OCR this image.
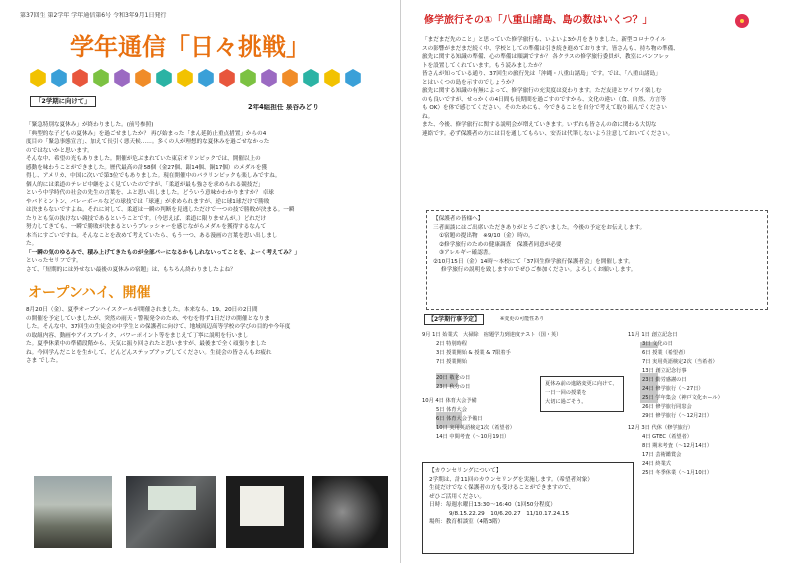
第37回生 第2学年 学年通信第6号 令和3年9月1日発行
学年通信「日々挑戦」
「2学期に向けて」
2年4組担任 泉谷みどり

「緊急特別な夏休み」が終わりました。(前号参照)

「典型的な子どもの夏休み」を過ごせましたか？ 再び始まった「まん延防止重点措置」からの4

度目の「緊急事態宣言」、加えて長引く悪天候……。多くの人が理想的な夏休みを過ごせなかった

のではないかと思います。

そんな中、希望の光もありました。開催が危ぶまれていた東京オリンピックでは、開催以上の

感動を味わうことができました。歴代最高の計58個（金27個、銀14個、銅17個）のメダルを獲

得し、アメリカ、中国に次いで第3位でもありました。現在開催中のパラリンピックも楽しみですね。

個人的には柔道のテレビ中継をよく見ていたのですが、「柔道が最も強さを求められる競技だ」

という中学時代の社会の先生の言葉を、ふと思い出しました。どういう意味かわかりますか？ 卓球

やバドミントン、バレーボールなどの球技では「球速」が求められますが、逆に球1球だけで勝敗

は決まらないですよね。それに対して、柔道は一瞬の判断を見逃しただけで一つの技で勝敗が決まる。一瞬

たりとも気の抜けない競技であるということです。（今思えば、柔道に限りませんが。）どれだけ

努力してきても、一瞬で勝敗が決まるというプレッシャーを感じながらメダルを獲得するなんて

本当にすごいですね。そんなことを改めて考えていたら、もう一つ、ある漫画の言葉を思い出しまし

た。

「一瞬の気のゆるみで、積み上げてきたものが全部パーになるかもしれないってことを、よーく考えてみ？」

といったセリフです。

さて、「短期的には外せない最後の夏休みの宿題」は、もちろん終わりましたよね？

オープンハイ、開催

8月20日（金）、夏季オープンハイスクールが開催されました。本来なら、19、20日の2日間

の開催を予定していましたが、突然の雨天・警報発令のため、やむを得ず1日だけの開催となりま

した。そんな中、37回生の生徒会の中学生との保護者に向けて、地域周辺高等学校の学びの目的や今年度

の取組内容、動画やアイスブレイク、パワーポイント等をまじえて丁寧に説明を行いまし

た。夏季休業中の準備段階から、天気に振り回されたと思いますが、最後まで全く頑張りました

ね。今回学んだことを生かして、どんどんステップアップしてください。生徒会の皆さんもお疲れ

さま でした。

修学旅行その①「八重山諸島、島の数はいくつ？」

「まだまだ先のこと」と思っていた修学旅行も、いよいよ3か月をきりました。新型コロナウイル

スの影響がまだまだ続く中、学校としての準備は引き続き進めております。皆さんも、持ち物の準備、

旅先に関する知識の準備、心の準備は順調ですか？ 各クラスの修学旅行委員が、教室にパンフレッ

トを設置してくれています。もう読みましたか？

皆さんが知っている通り、37回生の旅行先は「沖縄・八重山諸島」です。では、「八重山諸島」

とはいくつの島を示すのでしょうか？

旅先に関する知識の有無によって、修学旅行の充実度は変わります。ただ友達とワイワイ楽しむ

のも良いですが、せっかくの4日間も長期間を過ごすのですから、文化の違い（食、自然、方言等

も OK）を体で感じてください。そのためにも、今できることを自分で考えて取り組んでください

ね。

また、今後、修学旅行に関する説明会が増えていきます。いずれも皆さんの命に関わる大切な

連絡です。必ず保護者の方には目を通してもらい、安否は代筆しないよう注意しておいてください。

【保護者の皆様へ】

三者面談にはご出席いただきありがとうございました。今後の予定をお伝えします。

①宿題の提出物　※9/10（金）時の。

②修学旅行のための健康調査　保護者同意が必要

③アレルギー確認書。

②10月15日（金）14時～本校にて「37回生修学旅行保護者会」を開催します。

修学旅行の説明を致しますのでぜひご参加ください。よろしくお願いします。

【2学期行事予定】	※変更の可能性あり
9月 1日 始業式　大掃除　宿題学力到達度テスト（国・英）
2日 特別時程
3日 授業開始 & 授業 & 7限着手
7日 授業開始
20日 敬老の日
23日 秋分の日
10月 4日 体育大会予備
5日 体育大会
6日 体育大会予備日
10日 実用英語検定1次（希望者）
14日 中間考査（〜10月19日）
夏休み前の進路変更に向けて、
一日一回の授業を
大切に過ごそう。
11月 1日 創立記念日
3日 文化の日
6日 授業（希望者）
7日 実用英語検定2次（当希者）
13日 創立記念行事
23日 勤労感謝の日
24日 修学旅行（〜27日）
25日 学年集会（神戸文化ホール）
26日 修学旅行同窓会
29日 修学旅行（〜12月2日）
12月 3日 代休（修学旅行）
4日 GTEC（希望者）
8日 期末考査（〜12月14日）
17日 芸術鑑賞会
24日 終業式
25日 冬季休業（〜1月10日）

【カウンセリングについて】

2学期は、計11回のカウンセリングを実施します。（希望者対象）

生徒だけでなく保護者の方も受けることができますので、

ぜひご活用ください。

日時：毎週水曜日13:30～16:40（1回50分程度）

9/8.15.22.29　10/6.20.27　11/10.17.24.15

場所：教育相談室（4階3階）
